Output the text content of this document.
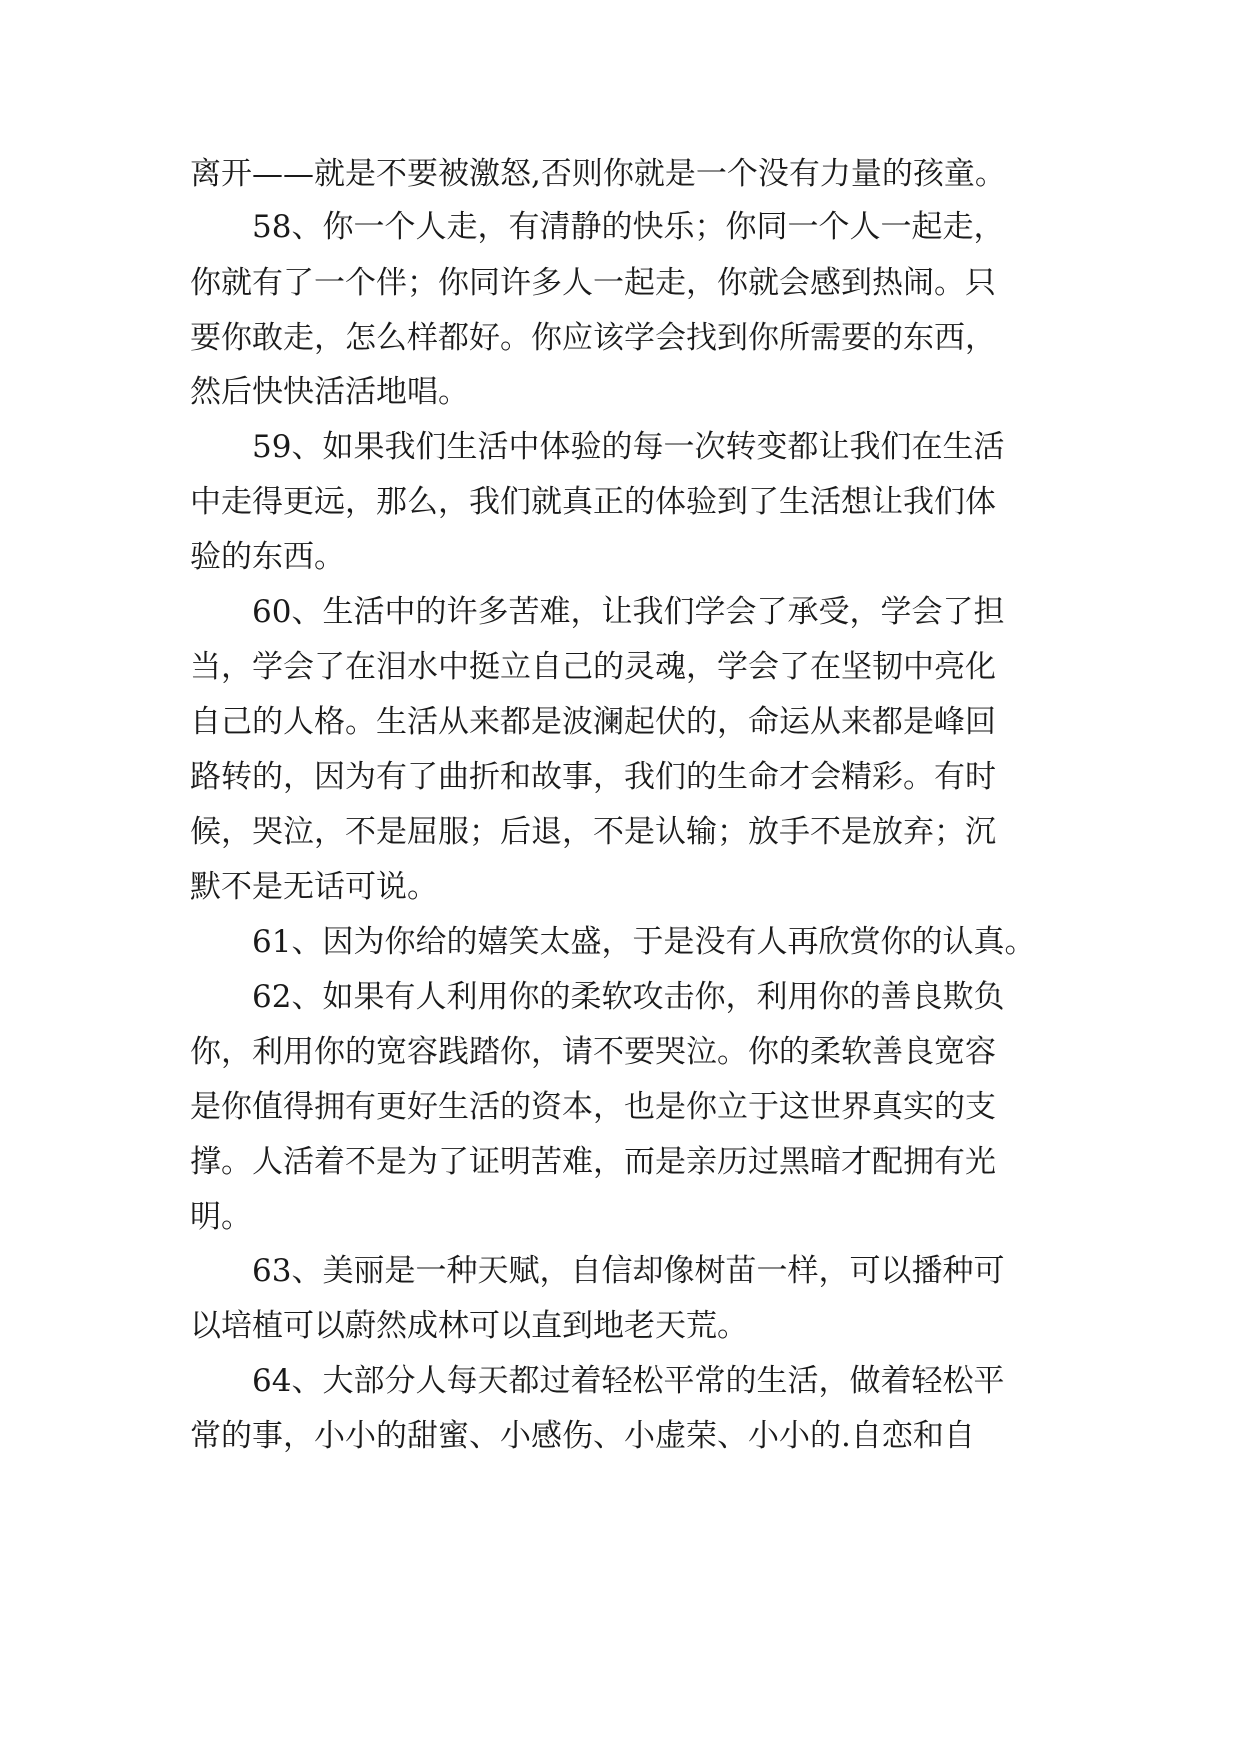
离开——就是不要被激怒,否则你就是一个没有力量的孩童。
58、你一个人走，有清静的快乐；你同一个人一起走，
你就有了一个伴；你同许多人一起走，你就会感到热闹。只
要你敢走，怎么样都好。你应该学会找到你所需要的东西，
然后快快活活地唱。
59、如果我们生活中体验的每一次转变都让我们在生活
中走得更远，那么，我们就真正的体验到了生活想让我们体
验的东西。
60、生活中的许多苦难，让我们学会了承受，学会了担
当，学会了在泪水中挺立自己的灵魂，学会了在坚韧中亮化
自己的人格。生活从来都是波澜起伏的，命运从来都是峰回
路转的，因为有了曲折和故事，我们的生命才会精彩。有时
候，哭泣，不是屈服；后退，不是认输；放手不是放弃；沉
默不是无话可说。
61、因为你给的嬉笑太盛，于是没有人再欣赏你的认真。
62、如果有人利用你的柔软攻击你，利用你的善良欺负
你，利用你的宽容践踏你，请不要哭泣。你的柔软善良宽容
是你值得拥有更好生活的资本，也是你立于这世界真实的支
撑。人活着不是为了证明苦难，而是亲历过黑暗才配拥有光
明。
63、美丽是一种天赋，自信却像树苗一样，可以播种可
以培植可以蔚然成林可以直到地老天荒。
64、大部分人每天都过着轻松平常的生活，做着轻松平
常的事，小小的甜蜜、小感伤、小虚荣、小小的.自恋和自
